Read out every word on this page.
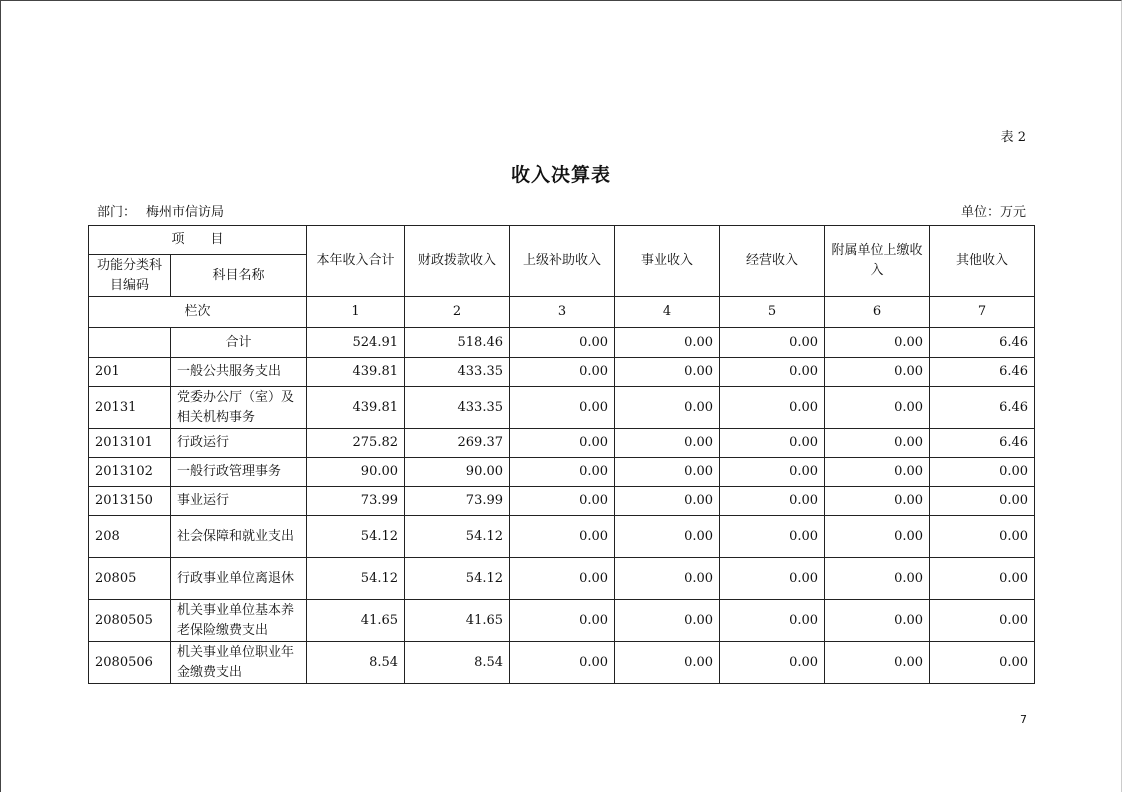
表 2
收入决算表
部门： 梅州市信访局	单位：万元
项　　目		本年收入合计	财政拨款收入	上级补助收入	事业收入	经营收入	附属单位上缴收入	其他收入
功能分类科目编码	科目名称							
栏次		1	2	3	4	5	6	7
	合计	524.91	518.46	0.00	0.00	0.00	0.00	6.46
201	一般公共服务支出	439.81	433.35	0.00	0.00	0.00	0.00	6.46
20131	党委办公厅（室）及相关机构事务	439.81	433.35	0.00	0.00	0.00	0.00	6.46
2013101	行政运行	275.82	269.37	0.00	0.00	0.00	0.00	6.46
2013102	一般行政管理事务	90.00	90.00	0.00	0.00	0.00	0.00	0.00
2013150	事业运行	73.99	73.99	0.00	0.00	0.00	0.00	0.00
208	社会保障和就业支出	54.12	54.12	0.00	0.00	0.00	0.00	0.00
20805	行政事业单位离退休	54.12	54.12	0.00	0.00	0.00	0.00	0.00
2080505	机关事业单位基本养老保险缴费支出	41.65	41.65	0.00	0.00	0.00	0.00	0.00
2080506	机关事业单位职业年金缴费支出	8.54	8.54	0.00	0.00	0.00	0.00	0.00
7
